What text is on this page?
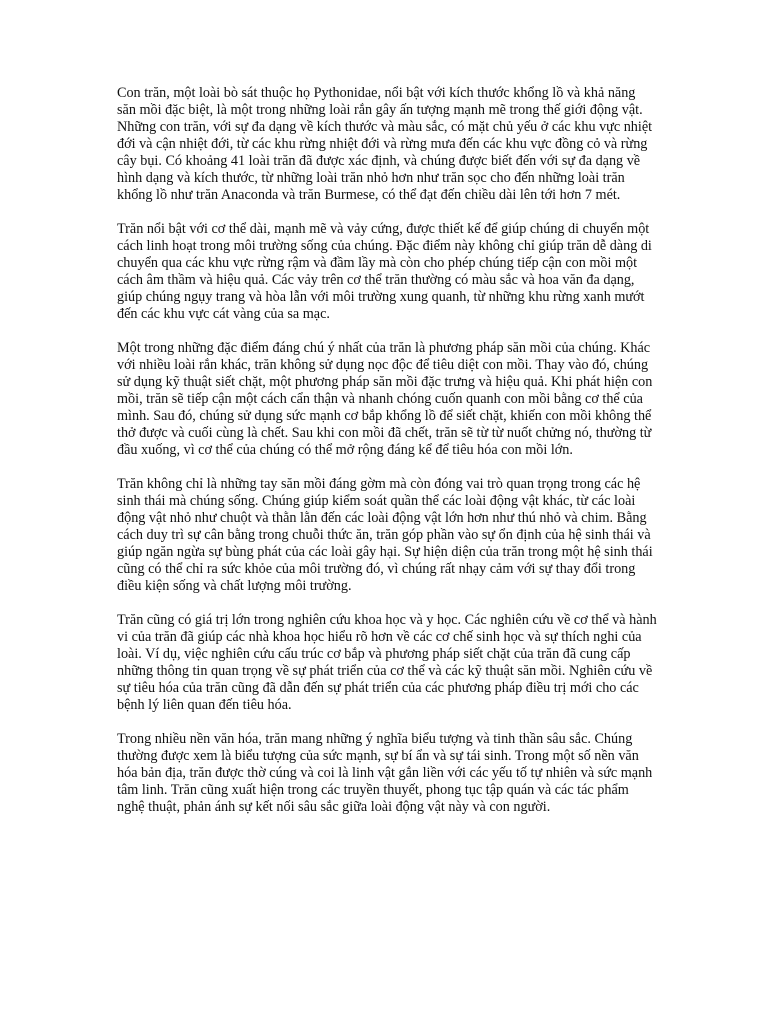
Con trăn, một loài bò sát thuộc họ Pythonidae, nổi bật với kích thước khổng lồ và khả năng săn mồi đặc biệt, là một trong những loài rắn gây ấn tượng mạnh mẽ trong thế giới động vật. Những con trăn, với sự đa dạng về kích thước và màu sắc, có mặt chủ yếu ở các khu vực nhiệt đới và cận nhiệt đới, từ các khu rừng nhiệt đới và rừng mưa đến các khu vực đồng cỏ và rừng cây bụi. Có khoảng 41 loài trăn đã được xác định, và chúng được biết đến với sự đa dạng về hình dạng và kích thước, từ những loài trăn nhỏ hơn như trăn sọc cho đến những loài trăn khổng lồ như trăn Anaconda và trăn Burmese, có thể đạt đến chiều dài lên tới hơn 7 mét.

Trăn nổi bật với cơ thể dài, mạnh mẽ và vảy cứng, được thiết kế để giúp chúng di chuyển một cách linh hoạt trong môi trường sống của chúng. Đặc điểm này không chỉ giúp trăn dễ dàng di chuyển qua các khu vực rừng rậm và đầm lầy mà còn cho phép chúng tiếp cận con mồi một cách âm thầm và hiệu quả. Các vảy trên cơ thể trăn thường có màu sắc và hoa văn đa dạng, giúp chúng ngụy trang và hòa lẫn với môi trường xung quanh, từ những khu rừng xanh mướt đến các khu vực cát vàng của sa mạc.

Một trong những đặc điểm đáng chú ý nhất của trăn là phương pháp săn mồi của chúng. Khác với nhiều loài rắn khác, trăn không sử dụng nọc độc để tiêu diệt con mồi. Thay vào đó, chúng sử dụng kỹ thuật siết chặt, một phương pháp săn mồi đặc trưng và hiệu quả. Khi phát hiện con mồi, trăn sẽ tiếp cận một cách cẩn thận và nhanh chóng cuốn quanh con mồi bằng cơ thể của mình. Sau đó, chúng sử dụng sức mạnh cơ bắp khổng lồ để siết chặt, khiến con mồi không thể thở được và cuối cùng là chết. Sau khi con mồi đã chết, trăn sẽ từ từ nuốt chửng nó, thường từ đầu xuống, vì cơ thể của chúng có thể mở rộng đáng kể để tiêu hóa con mồi lớn.

Trăn không chỉ là những tay săn mồi đáng gờm mà còn đóng vai trò quan trọng trong các hệ sinh thái mà chúng sống. Chúng giúp kiểm soát quần thể các loài động vật khác, từ các loài động vật nhỏ như chuột và thằn lằn đến các loài động vật lớn hơn như thú nhỏ và chim. Bằng cách duy trì sự cân bằng trong chuỗi thức ăn, trăn góp phần vào sự ổn định của hệ sinh thái và giúp ngăn ngừa sự bùng phát của các loài gây hại. Sự hiện diện của trăn trong một hệ sinh thái cũng có thể chỉ ra sức khỏe của môi trường đó, vì chúng rất nhạy cảm với sự thay đổi trong điều kiện sống và chất lượng môi trường.

Trăn cũng có giá trị lớn trong nghiên cứu khoa học và y học. Các nghiên cứu về cơ thể và hành vi của trăn đã giúp các nhà khoa học hiểu rõ hơn về các cơ chế sinh học và sự thích nghi của loài. Ví dụ, việc nghiên cứu cấu trúc cơ bắp và phương pháp siết chặt của trăn đã cung cấp những thông tin quan trọng về sự phát triển của cơ thể và các kỹ thuật săn mồi. Nghiên cứu về sự tiêu hóa của trăn cũng đã dẫn đến sự phát triển của các phương pháp điều trị mới cho các bệnh lý liên quan đến tiêu hóa.

Trong nhiều nền văn hóa, trăn mang những ý nghĩa biểu tượng và tinh thần sâu sắc. Chúng thường được xem là biểu tượng của sức mạnh, sự bí ẩn và sự tái sinh. Trong một số nền văn hóa bản địa, trăn được thờ cúng và coi là linh vật gắn liền với các yếu tố tự nhiên và sức mạnh tâm linh. Trăn cũng xuất hiện trong các truyền thuyết, phong tục tập quán và các tác phẩm nghệ thuật, phản ánh sự kết nối sâu sắc giữa loài động vật này và con người.
